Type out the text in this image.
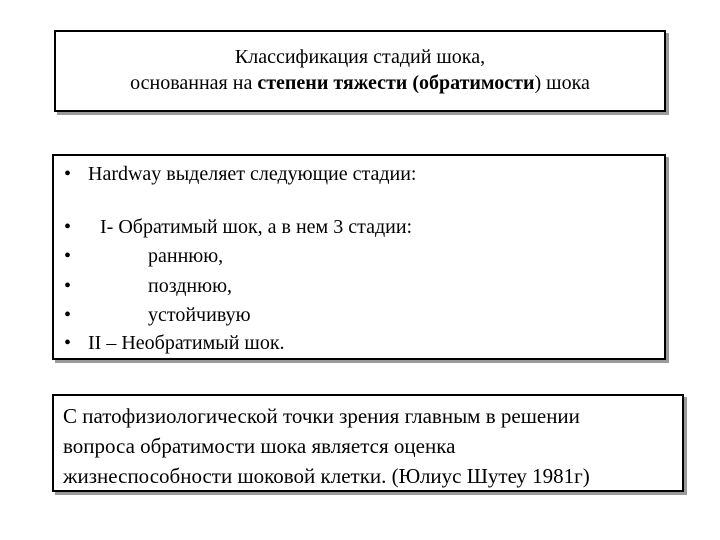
Классификация стадий шока,
основанная на степени тяжести (обратимости) шока
• Hardway выделяет следующие стадии:
•	I- Обратимый шок, а в нем 3 стадии:
•	раннюю,
•	позднюю,
•	устойчивую
• II – Необратимый шок.
С патофизиологической точки зрения главным в решении
вопроса обратимости шока является оценка
жизнеспособности шоковой клетки. (Юлиус Шутеу 1981г)
